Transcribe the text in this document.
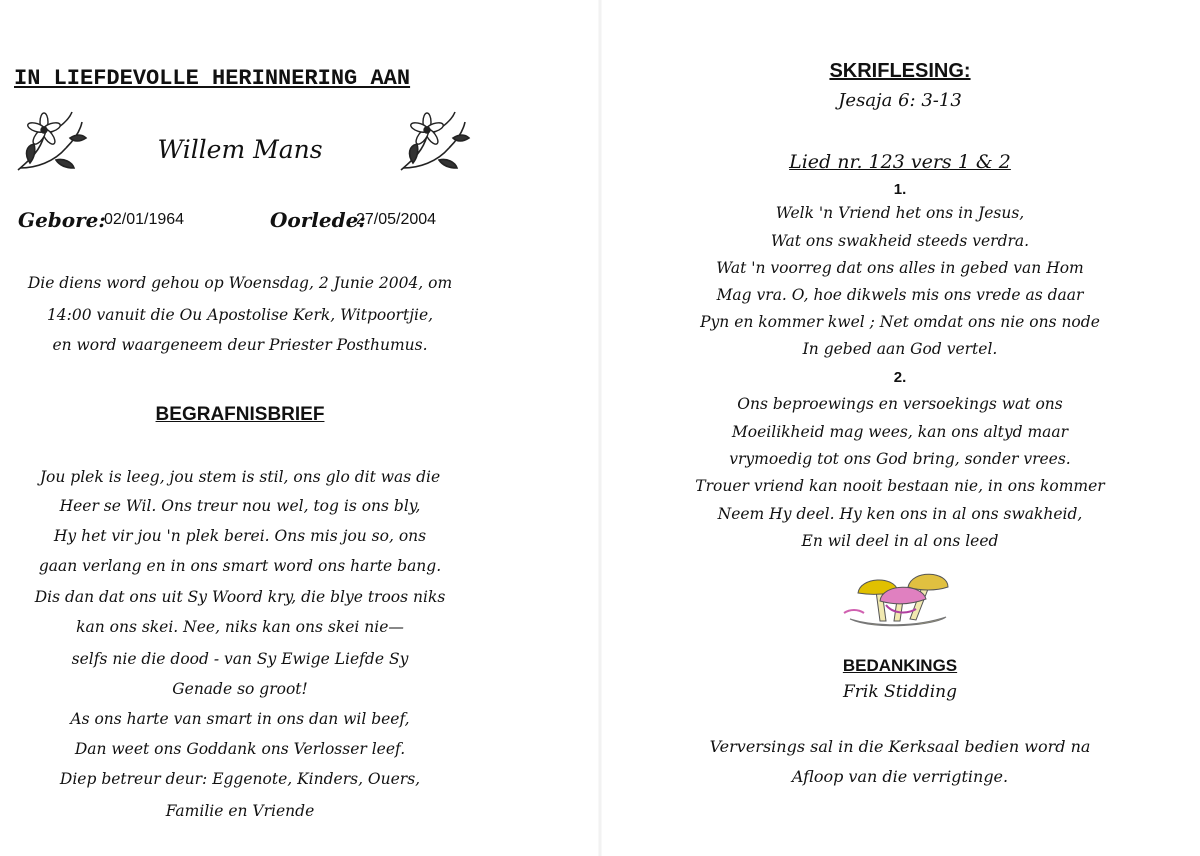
IN LIEFDEVOLLE HERINNERING AAN
Willem Mans
Gebore:
02/01/1964	Oorlede:
27/05/2004
Die diens word gehou op Woensdag, 2 Junie 2004, om
14:00 vanuit die Ou Apostolise Kerk, Witpoortjie,
en word waargeneem deur Priester Posthumus.
BEGRAFNISBRIEF
Jou plek is leeg, jou stem is stil, ons glo dit was die
Heer se Wil. Ons treur nou wel, tog is ons bly,
Hy het vir jou 'n plek berei. Ons mis jou so, ons
gaan verlang en in ons smart word ons harte bang.
Dis dan dat ons uit Sy Woord kry, die blye troos niks
kan ons skei. Nee, niks kan ons skei nie—
selfs nie die dood - van Sy Ewige Liefde Sy
Genade so groot!
As ons harte van smart in ons dan wil beef,
Dan weet ons Goddank ons Verlosser leef.
Diep betreur deur: Eggenote, Kinders, Ouers,
Familie en Vriende
SKRIFLESING:
Jesaja 6: 3-13
Lied nr. 123 vers 1 & 2
1.
Welk 'n Vriend het ons in Jesus,
Wat ons swakheid steeds verdra.
Wat 'n voorreg dat ons alles in gebed van Hom
Mag vra. O, hoe dikwels mis ons vrede as daar
Pyn en kommer kwel ; Net omdat ons nie ons node
In gebed aan God vertel.
2.
Ons beproewings en versoekings wat ons
Moeilikheid mag wees, kan ons altyd maar
vrymoedig tot ons God bring, sonder vrees.
Trouer vriend kan nooit bestaan nie, in ons kommer
Neem Hy deel. Hy ken ons in al ons swakheid,
En wil deel in al ons leed
BEDANKINGS
Frik Stidding
Verversings sal in die Kerksaal bedien word na
Afloop van die verrigtinge.
